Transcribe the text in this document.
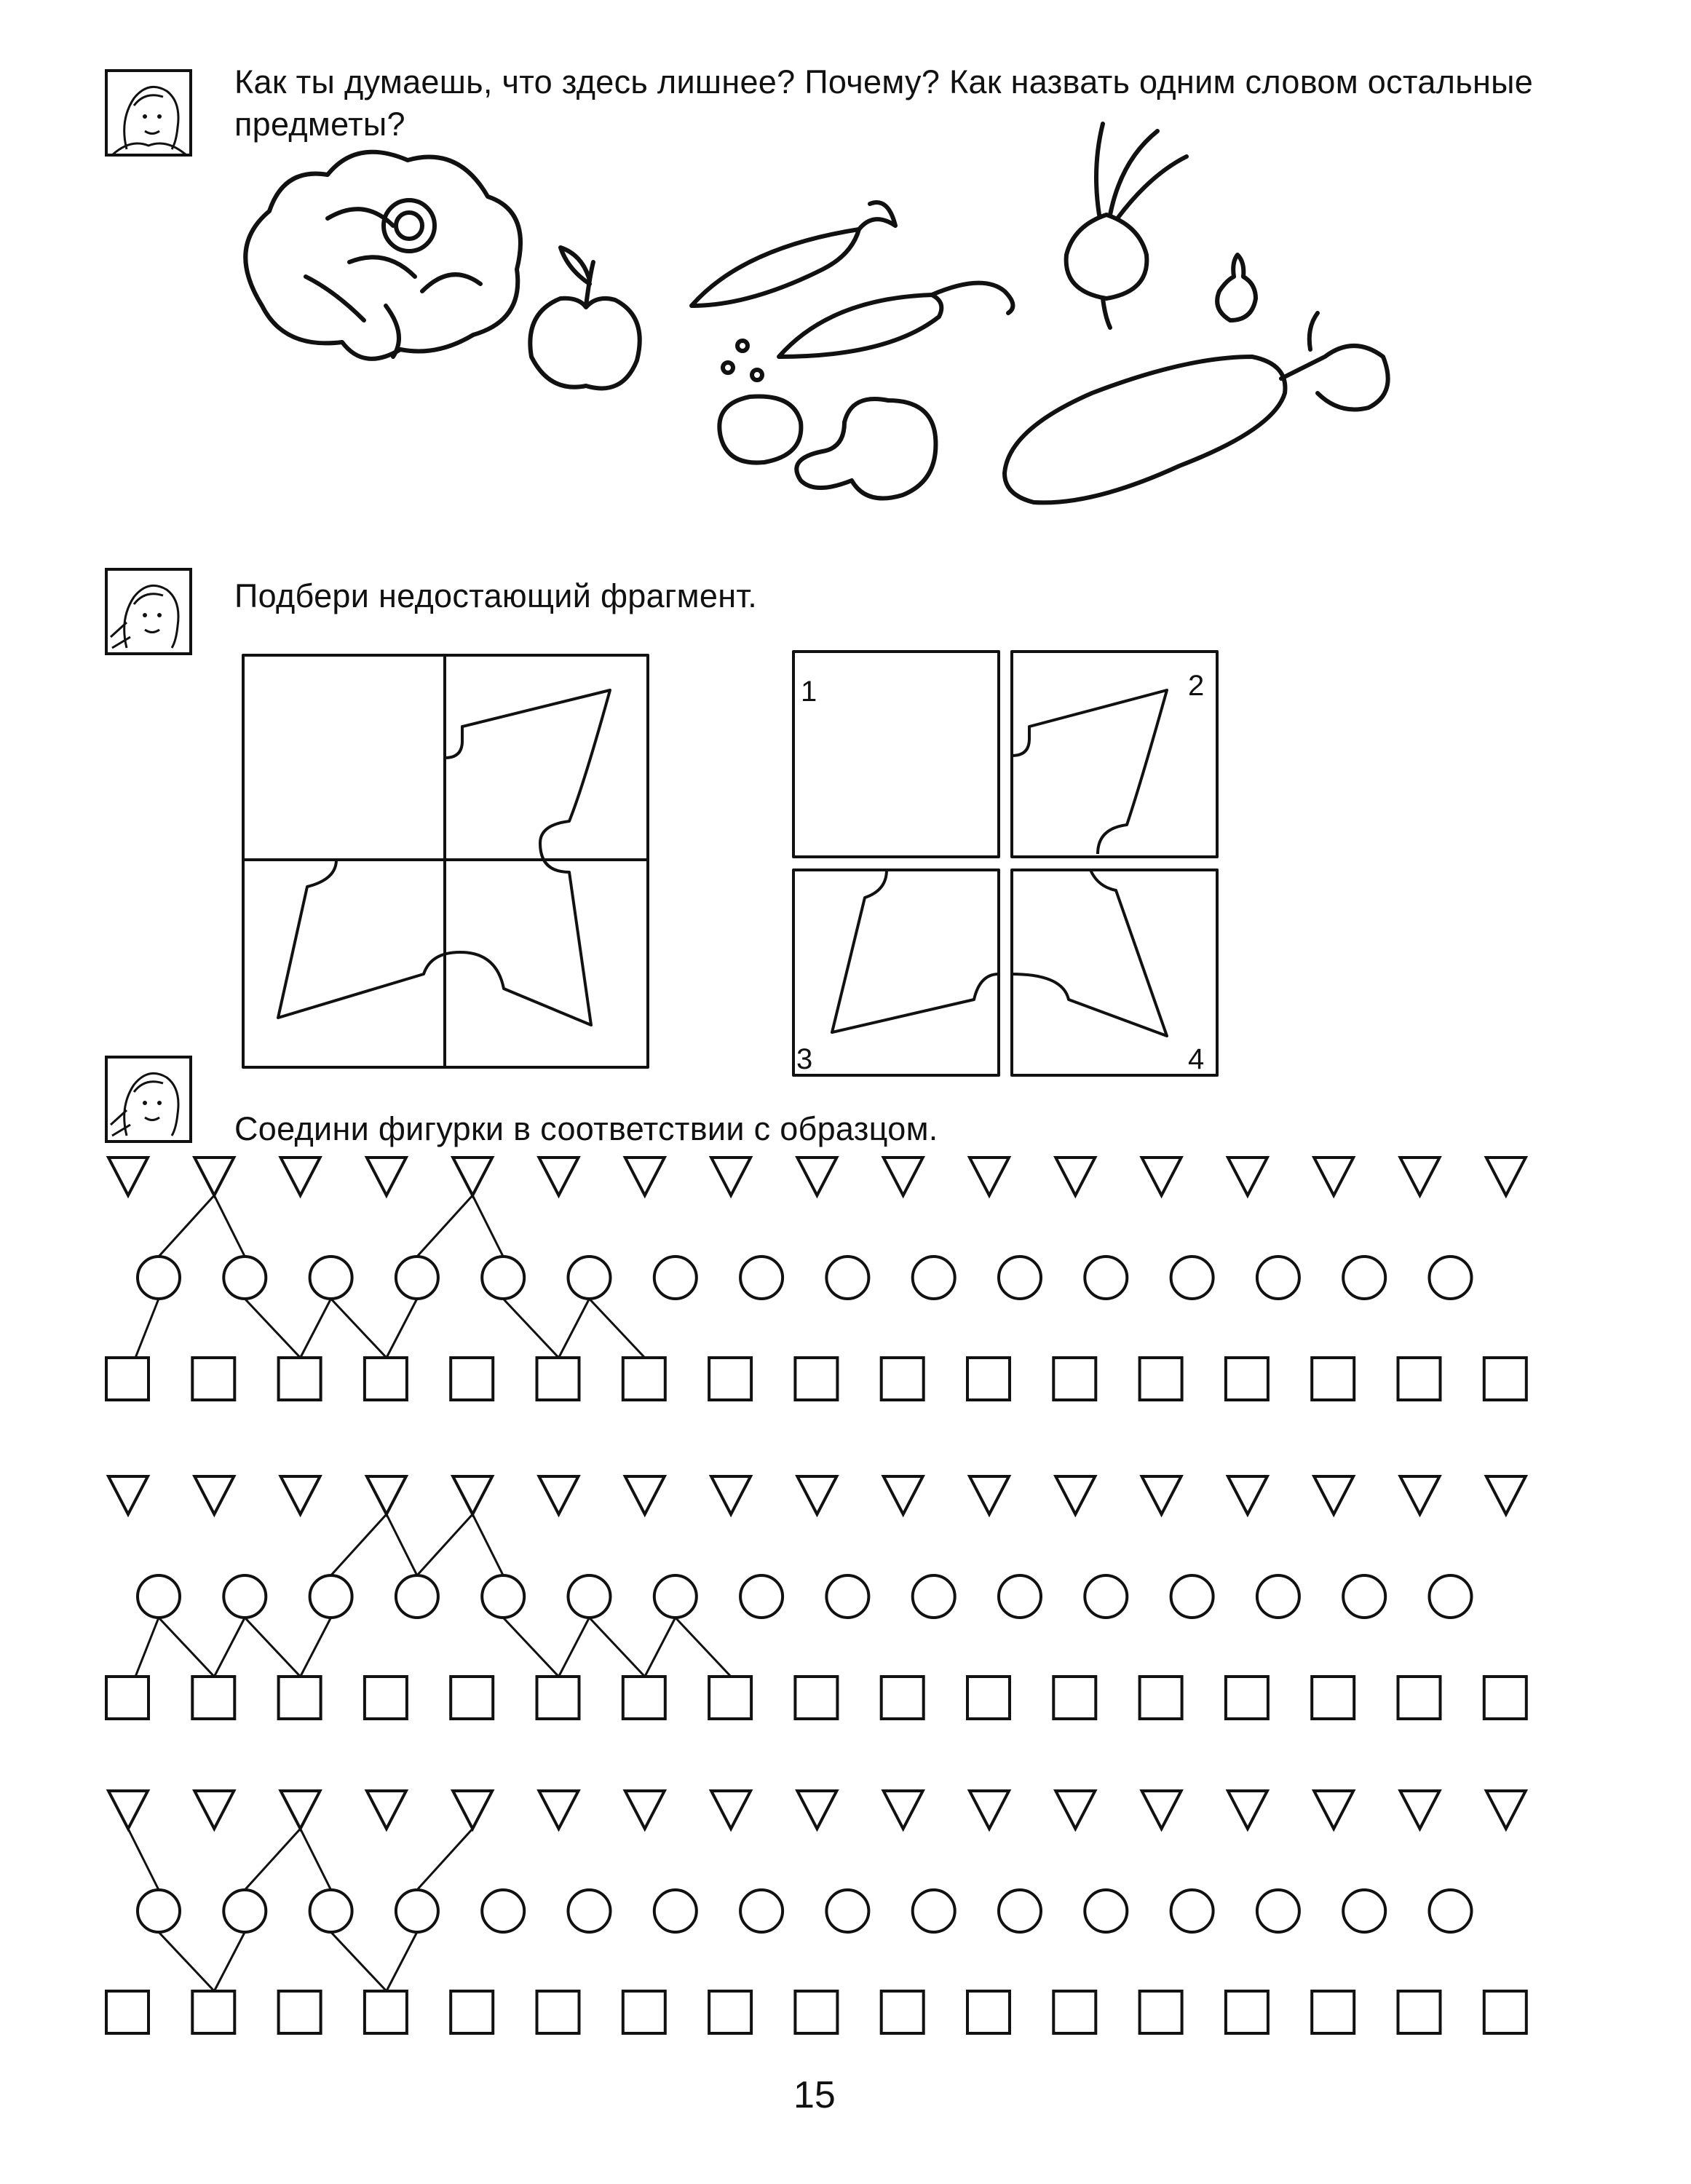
Как ты думаешь, что здесь лишнее? Почему? Как назвать одним словом остальные предметы?
Подбери недостающий фрагмент.
1	2
3	4
Соедини фигурки в соответствии с образцом.
15
